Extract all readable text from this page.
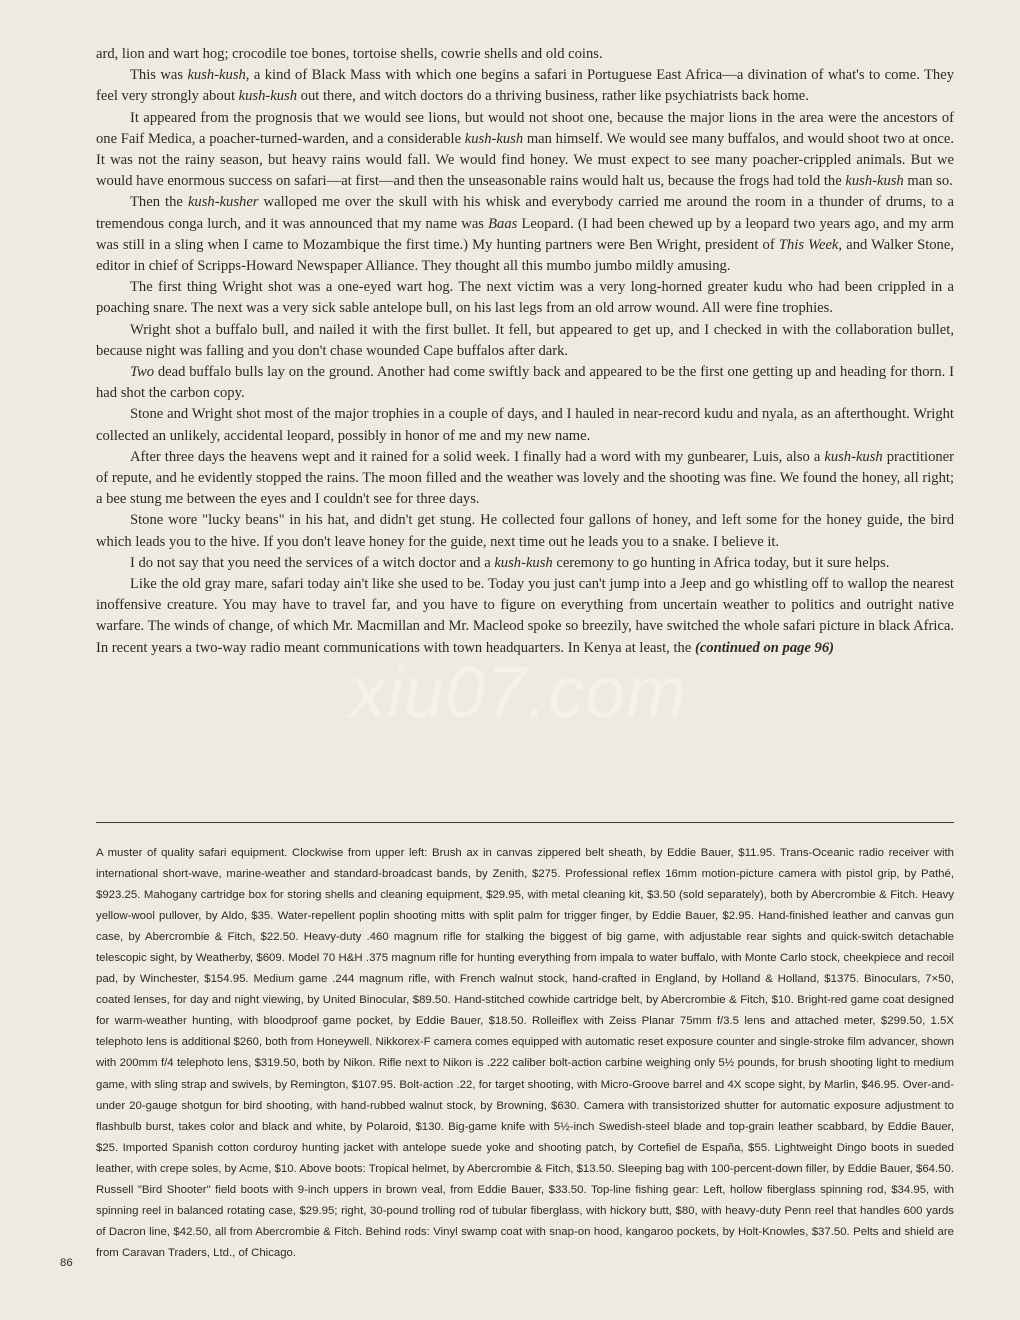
ard, lion and wart hog; crocodile toe bones, tortoise shells, cowrie shells and old coins.

This was kush-kush, a kind of Black Mass with which one begins a safari in Portuguese East Africa—a divination of what's to come. They feel very strongly about kush-kush out there, and witch doctors do a thriving business, rather like psychiatrists back home.

It appeared from the prognosis that we would see lions, but would not shoot one, because the major lions in the area were the ancestors of one Faif Medica, a poacher-turned-warden, and a considerable kush-kush man himself. We would see many buffalos, and would shoot two at once. It was not the rainy season, but heavy rains would fall. We would find honey. We must expect to see many poacher-crippled animals. But we would have enormous success on safari—at first—and then the unseasonable rains would halt us, because the frogs had told the kush-kush man so.

Then the kush-kusher walloped me over the skull with his whisk and everybody carried me around the room in a thunder of drums, to a tremendous conga lurch, and it was announced that my name was Baas Leopard. (I had been chewed up by a leopard two years ago, and my arm was still in a sling when I came to Mozambique the first time.) My hunting partners were Ben Wright, president of This Week, and Walker Stone, editor in chief of Scripps-Howard Newspaper Alliance. They thought all this mumbo jumbo mildly amusing.

The first thing Wright shot was a one-eyed wart hog. The next victim was a very long-horned greater kudu who had been crippled in a poaching snare. The next was a very sick sable antelope bull, on his last legs from an old arrow wound. All were fine trophies.

Wright shot a buffalo bull, and nailed it with the first bullet. It fell, but appeared to get up, and I checked in with the collaboration bullet, because night was falling and you don't chase wounded Cape buffalos after dark.

Two dead buffalo bulls lay on the ground. Another had come swiftly back and appeared to be the first one getting up and heading for thorn. I had shot the carbon copy.

Stone and Wright shot most of the major trophies in a couple of days, and I hauled in near-record kudu and nyala, as an afterthought. Wright collected an unlikely, accidental leopard, possibly in honor of me and my new name.

After three days the heavens wept and it rained for a solid week. I finally had a word with my gunbearer, Luis, also a kush-kush practitioner of repute, and he evidently stopped the rains. The moon filled and the weather was lovely and the shooting was fine. We found the honey, all right; a bee stung me between the eyes and I couldn't see for three days.

Stone wore "lucky beans" in his hat, and didn't get stung. He collected four gallons of honey, and left some for the honey guide, the bird which leads you to the hive. If you don't leave honey for the guide, next time out he leads you to a snake. I believe it.

I do not say that you need the services of a witch doctor and a kush-kush ceremony to go hunting in Africa today, but it sure helps.

Like the old gray mare, safari today ain't like she used to be. Today you just can't jump into a Jeep and go whistling off to wallop the nearest inoffensive creature. You may have to travel far, and you have to figure on everything from uncertain weather to politics and outright native warfare. The winds of change, of which Mr. Macmillan and Mr. Macleod spoke so breezily, have switched the whole safari picture in black Africa. In recent years a two-way radio meant communications with town headquarters. In Kenya at least, the (continued on page 96)

A muster of quality safari equipment. Clockwise from upper left: Brush ax in canvas zippered belt sheath, by Eddie Bauer, $11.95. Trans-Oceanic radio receiver with international short-wave, marine-weather and standard-broadcast bands, by Zenith, $275. Professional reflex 16mm motion-picture camera with pistol grip, by Pathé, $923.25. Mahogany cartridge box for storing shells and cleaning equipment, $29.95, with metal cleaning kit, $3.50 (sold separately), both by Abercrombie & Fitch. Heavy yellow-wool pullover, by Aldo, $35. Water-repellent poplin shooting mitts with split palm for trigger finger, by Eddie Bauer, $2.95. Hand-finished leather and canvas gun case, by Abercrombie & Fitch, $22.50. Heavy-duty .460 magnum rifle for stalking the biggest of big game, with adjustable rear sights and quick-switch detachable telescopic sight, by Weatherby, $609. Model 70 H&H .375 magnum rifle for hunting everything from impala to water buffalo, with Monte Carlo stock, cheekpiece and recoil pad, by Winchester, $154.95. Medium game .244 magnum rifle, with French walnut stock, hand-crafted in England, by Holland & Holland, $1375. Binoculars, 7×50, coated lenses, for day and night viewing, by United Binocular, $89.50. Hand-stitched cowhide cartridge belt, by Abercrombie & Fitch, $10. Bright-red game coat designed for warm-weather hunting, with bloodproof game pocket, by Eddie Bauer, $18.50. Rolleiflex with Zeiss Planar 75mm f/3.5 lens and attached meter, $299.50, 1.5X telephoto lens is additional $260, both from Honeywell. Nikkorex-F camera comes equipped with automatic reset exposure counter and single-stroke film advancer, shown with 200mm f/4 telephoto lens, $319.50, both by Nikon. Rifle next to Nikon is .222 caliber bolt-action carbine weighing only 5½ pounds, for brush shooting light to medium game, with sling strap and swivels, by Remington, $107.95. Bolt-action .22, for target shooting, with Micro-Groove barrel and 4X scope sight, by Marlin, $46.95. Over-and-under 20-gauge shotgun for bird shooting, with hand-rubbed walnut stock, by Browning, $630. Camera with transistorized shutter for automatic exposure adjustment to flashbulb burst, takes color and black and white, by Polaroid, $130. Big-game knife with 5½-inch Swedish-steel blade and top-grain leather scabbard, by Eddie Bauer, $25. Imported Spanish cotton corduroy hunting jacket with antelope suede yoke and shooting patch, by Cortefiel de España, $55. Lightweight Dingo boots in sueded leather, with crepe soles, by Acme, $10. Above boots: Tropical helmet, by Abercrombie & Fitch, $13.50. Sleeping bag with 100-percent-down filler, by Eddie Bauer, $64.50. Russell "Bird Shooter" field boots with 9-inch uppers in brown veal, from Eddie Bauer, $33.50. Top-line fishing gear: Left, hollow fiberglass spinning rod, $34.95, with spinning reel in balanced rotating case, $29.95; right, 30-pound trolling rod of tubular fiberglass, with hickory butt, $80, with heavy-duty Penn reel that handles 600 yards of Dacron line, $42.50, all from Abercrombie & Fitch. Behind rods: Vinyl swamp coat with snap-on hood, kangaroo pockets, by Holt-Knowles, $37.50. Pelts and shield are from Caravan Traders, Ltd., of Chicago.
86
xiu07.com
